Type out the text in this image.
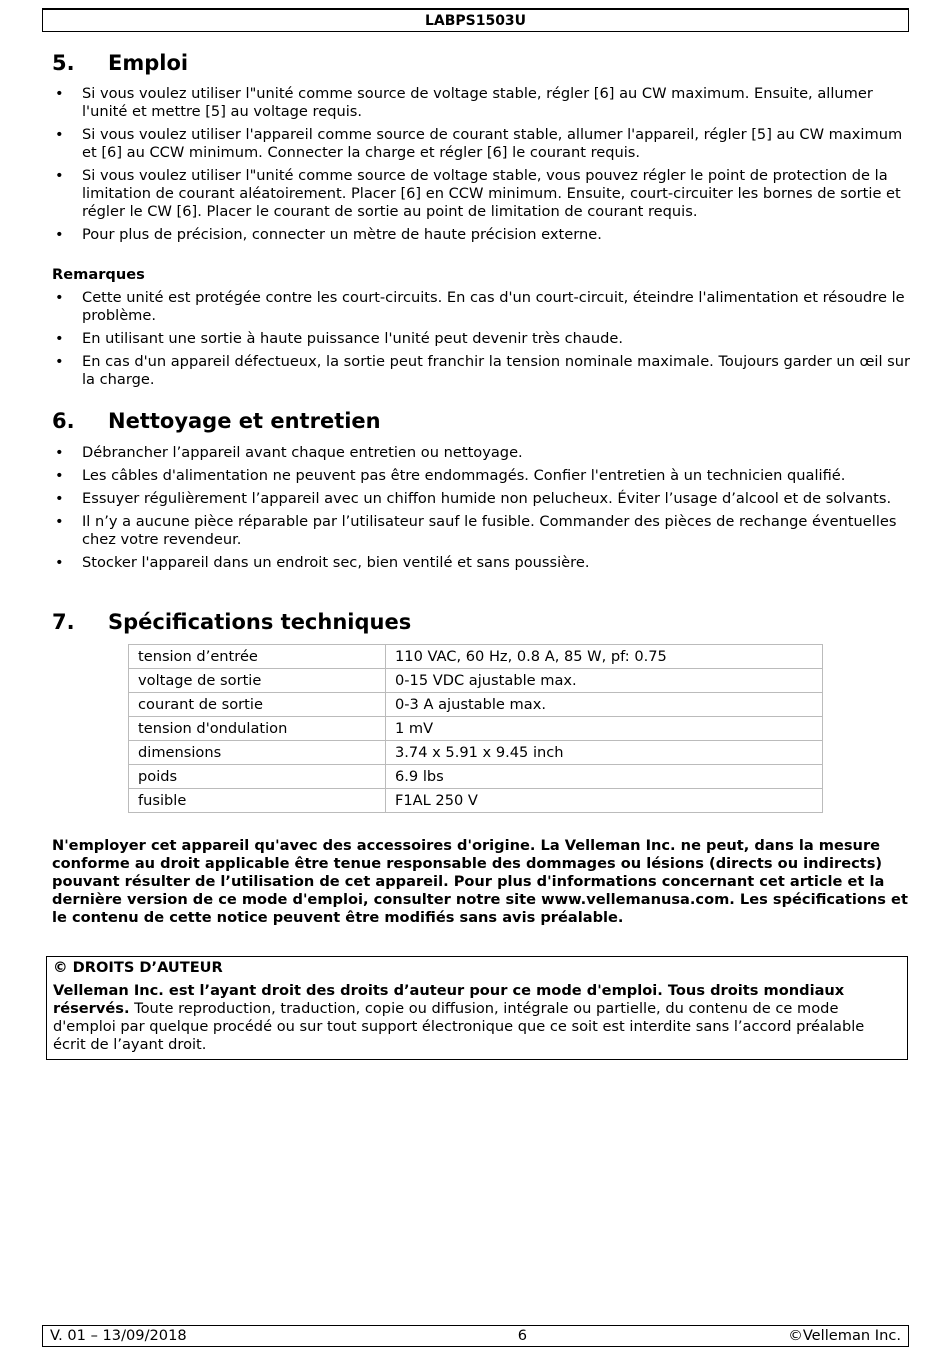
LABPS1503U
5. Emploi
• Si vous voulez utiliser l"unité comme source de voltage stable, régler [6] au CW maximum. Ensuite, allumer l'unité et mettre [5] au voltage requis.
• Si vous voulez utiliser l'appareil comme source de courant stable, allumer l'appareil, régler [5] au CW maximum et [6] au CCW minimum. Connecter la charge et régler [6] le courant requis.
• Si vous voulez utiliser l"unité comme source de voltage stable, vous pouvez régler le point de protection de la limitation de courant aléatoirement. Placer [6] en CCW minimum. Ensuite, court-circuiter les bornes de sortie et régler le CW [6]. Placer le courant de sortie au point de limitation de courant requis.
• Pour plus de précision, connecter un mètre de haute précision externe.
Remarques
• Cette unité est protégée contre les court-circuits. En cas d'un court-circuit, éteindre l'alimentation et résoudre le problème.
• En utilisant une sortie à haute puissance l'unité peut devenir très chaude.
• En cas d'un appareil défectueux, la sortie peut franchir la tension nominale maximale. Toujours garder un œil sur la charge.
6. Nettoyage et entretien
• Débrancher l’appareil avant chaque entretien ou nettoyage.
• Les câbles d'alimentation ne peuvent pas être endommagés. Confier l'entretien à un technicien qualifié.
• Essuyer régulièrement l’appareil avec un chiffon humide non pelucheux. Éviter l’usage d’alcool et de solvants.
• Il n’y a aucune pièce réparable par l’utilisateur sauf le fusible. Commander des pièces de rechange éventuelles chez votre revendeur.
• Stocker l'appareil dans un endroit sec, bien ventilé et sans poussière.
7. Spécifications techniques
tension d’entrée	110 VAC, 60 Hz, 0.8 A, 85 W, pf: 0.75
voltage de sortie	0-15 VDC ajustable max.
courant de sortie	0-3 A ajustable max.
tension d'ondulation	1 mV
dimensions	3.74 x 5.91 x 9.45 inch
poids	6.9 lbs
fusible	F1AL 250 V
N'employer cet appareil qu'avec des accessoires d'origine. La Velleman Inc. ne peut, dans la mesure conforme au droit applicable être tenue responsable des dommages ou lésions (directs ou indirects) pouvant résulter de l’utilisation de cet appareil. Pour plus d'informations concernant cet article et la dernière version de ce mode d'emploi, consulter notre site www.vellemanusa.com. Les spécifications et le contenu de cette notice peuvent être modifiés sans avis préalable.
© DROITS D’AUTEUR
Velleman Inc. est l’ayant droit des droits d’auteur pour ce mode d'emploi. Tous droits mondiaux réservés. Toute reproduction, traduction, copie ou diffusion, intégrale ou partielle, du contenu de ce mode d'emploi par quelque procédé ou sur tout support électronique que ce soit est interdite sans l’accord préalable écrit de l’ayant droit.
V. 01 – 13/09/2018	6	©Velleman Inc.
